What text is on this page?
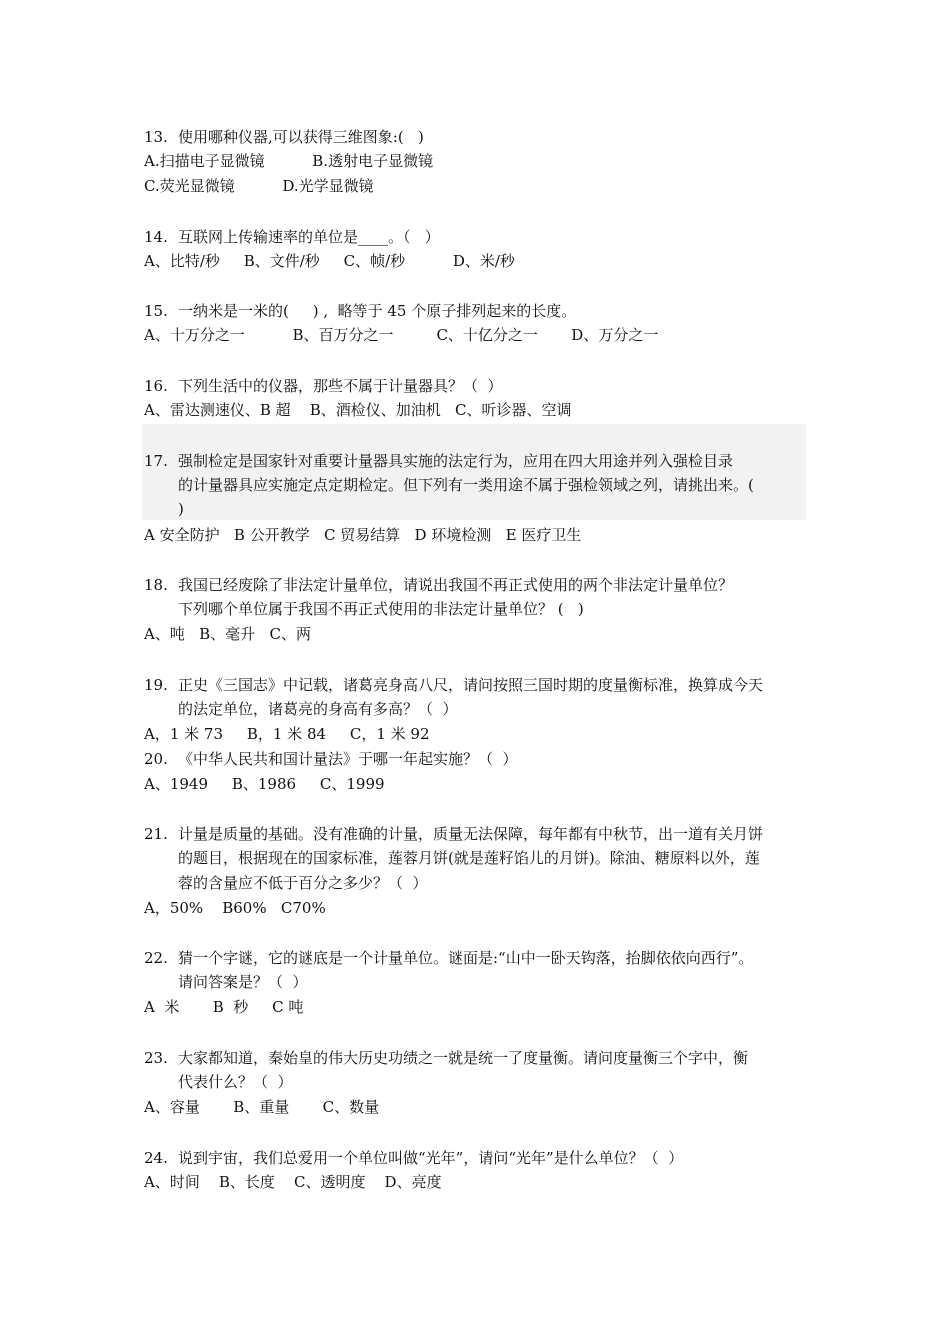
13. 使用哪种仪器,可以获得三维图象:(   )
A.扫描电子显微镜          B.透射电子显微镜
C.荧光显微镜          D.光学显微镜
14. 互联网上传输速率的单位是____。（   ）
A、比特/秒     B、文件/秒     C、帧/秒          D、米/秒
15. 一纳米是一米的(     ) ,  略等于 45 个原子排列起来的长度。
A、十万分之一          B、百万分之一         C、十亿分之一       D、万分之一
16. 下列生活中的仪器，那些不属于计量器具？（  ）
A、雷达测速仪、B 超    B、酒检仪、加油机   C、听诊器、空调
17. 强制检定是国家针对重要计量器具实施的法定行为，应用在四大用途并列入强检目录
的计量器具应实施定点定期检定。但下列有一类用途不属于强检领域之列，请挑出来。(
)
A 安全防护   B 公开教学   C 贸易结算   D 环境检测   E 医疗卫生
18. 我国已经废除了非法定计量单位，请说出我国不再正式使用的两个非法定计量单位？
下列哪个单位属于我国不再正式使用的非法定计量单位？ (   )
A、吨   B、毫升   C、两
19. 正史《三国志》中记载，诸葛亮身高八尺，请问按照三国时期的度量衡标准，换算成今天
的法定单位，诸葛亮的身高有多高？（  ）
A，1 米 73     B，1 米 84     C，1 米 92
20. 《中华人民共和国计量法》于哪一年起实施？（  ）
A、1949     B、1986     C、1999
21. 计量是质量的基础。没有准确的计量，质量无法保障，每年都有中秋节，出一道有关月饼
的题目，根据现在的国家标准，莲蓉月饼(就是莲籽馅儿的月饼)。除油、糖原料以外，莲
蓉的含量应不低于百分之多少？（  ）
A，50%    B60%   C70%
22. 猜一个字谜，它的谜底是一个计量单位。谜面是:“山中一卧天钩落，抬脚依依向西行”。
请问答案是？（  ）
A  米       B  秒     C 吨
23. 大家都知道，秦始皇的伟大历史功绩之一就是统一了度量衡。请问度量衡三个字中，衡
代表什么？（  ）
A、容量       B、重量       C、数量
24. 说到宇宙，我们总爱用一个单位叫做“光年”，请问“光年”是什么单位？（  ）
A、时间    B、长度    C、透明度    D、亮度
